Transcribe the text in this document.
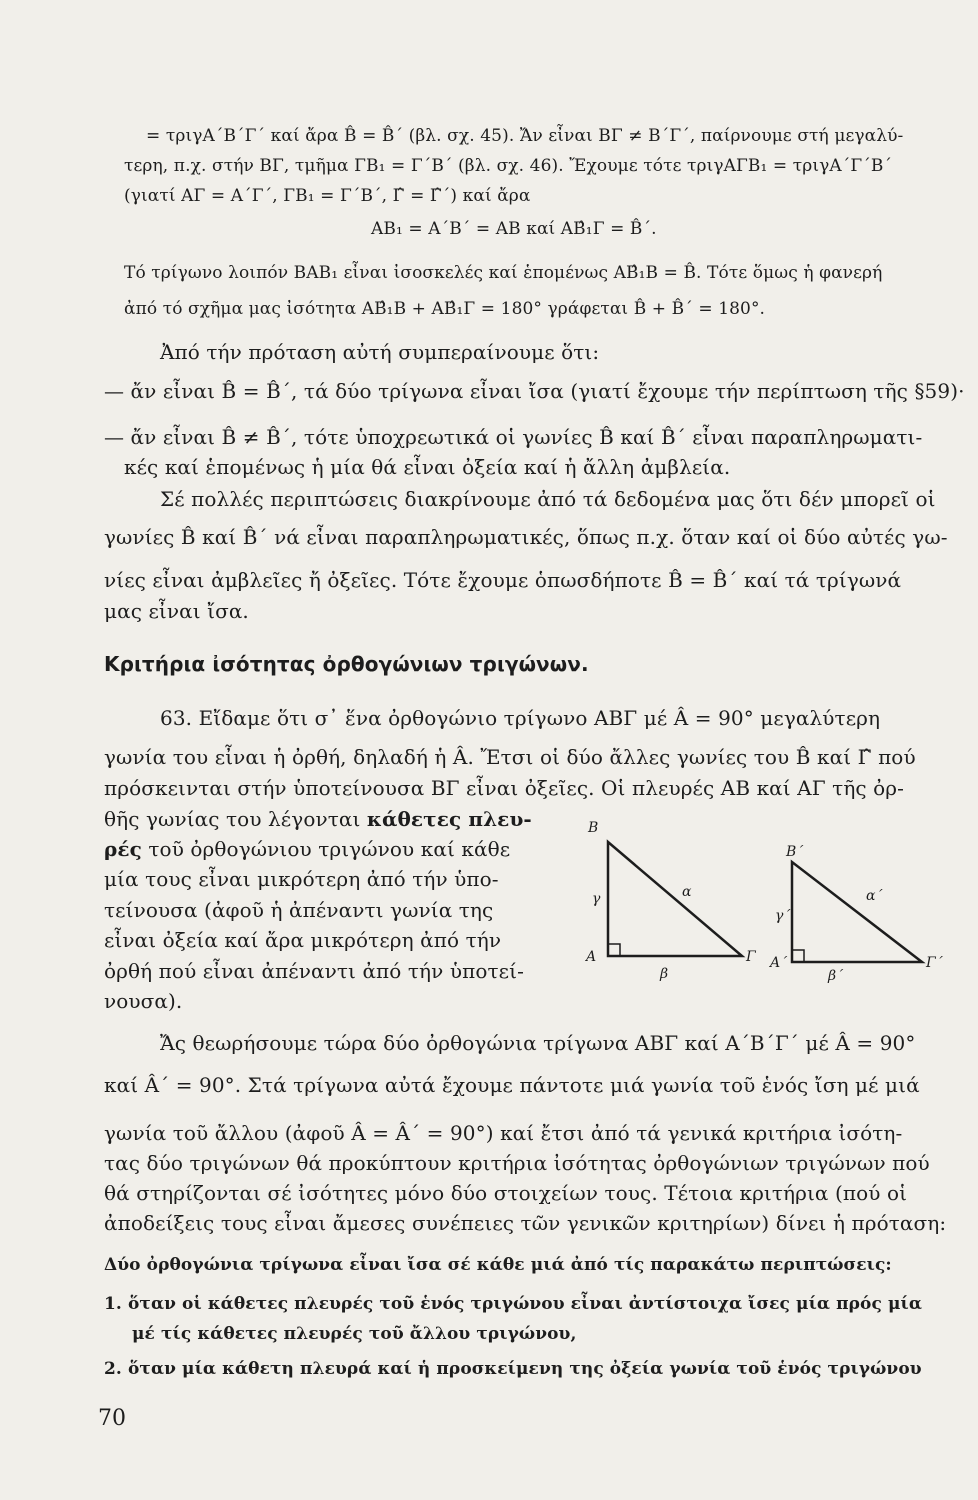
= τριγΑ΄Β΄Γ΄ καί ἄρα B̂ = B̂΄ (βλ. σχ. 45). Ἄν εἶναι ΒΓ ≠ Β΄Γ΄, παίρνουμε στή μεγαλύ-
τερη, π.χ. στήν ΒΓ, τμῆμα ΓΒ₁ = Γ΄Β΄ (βλ. σχ. 46). Ἔχουμε τότε τριγΑΓΒ₁ = τριγΑ΄Γ΄Β΄
(γιατί ΑΓ = Α΄Γ΄, ΓΒ₁ = Γ΄Β΄, Γ̂ = Γ̂΄) καί ἄρα
ΑΒ₁ = Α΄Β΄ = ΑΒ καί ΑΒ̂₁Γ = B̂΄.
Τό τρίγωνο λοιπόν ΒΑΒ₁ εἶναι ἰσοσκελές καί ἑπομένως ΑΒ̂₁Β = B̂. Τότε ὅμως ἡ φανερή
ἀπό τό σχῆμα μας ἰσότητα ΑΒ̂₁Β + ΑΒ̂₁Γ = 180° γράφεται B̂ + B̂΄ = 180°.
Ἀπό τήν πρόταση αὐτή συμπεραίνουμε ὅτι:
— ἄν εἶναι B̂ = B̂΄, τά δύο τρίγωνα εἶναι ἴσα (γιατί ἔχουμε τήν περίπτωση τῆς §59)·
— ἄν εἶναι B̂ ≠ B̂΄, τότε ὑποχρεωτικά οἱ γωνίες B̂ καί B̂΄ εἶναι παραπληρωματι-
κές καί ἑπομένως ἡ μία θά εἶναι ὀξεία καί ἡ ἄλλη ἀμβλεία.
Σέ πολλές περιπτώσεις διακρίνουμε ἀπό τά δεδομένα μας ὅτι δέν μπορεῖ οἱ
γωνίες B̂ καί B̂΄ νά εἶναι παραπληρωματικές, ὅπως π.χ. ὅταν καί οἱ δύο αὐτές γω-
νίες εἶναι ἀμβλεῖες ἤ ὀξεῖες. Τότε ἔχουμε ὁπωσδήποτε B̂ = B̂΄ καί τά τρίγωνά
μας εἶναι ἴσα.
Κριτήρια ἰσότητας ὀρθογώνιων τριγώνων.
63. Εἴδαμε ὅτι σ᾽ ἕνα ὀρθογώνιο τρίγωνο ΑΒΓ μέ Â = 90° μεγαλύτερη
γωνία του εἶναι ἡ ὀρθή, δηλαδή ἡ Â. Ἔτσι οἱ δύο ἄλλες γωνίες του B̂ καί Γ̂ πού
πρόσκεινται στήν ὑποτείνουσα ΒΓ εἶναι ὀξεῖες. Οἱ πλευρές ΑΒ καί ΑΓ τῆς ὀρ-
θῆς γωνίας του λέγονται κάθετες πλευ-
ρές τοῦ ὀρθογώνιου τριγώνου καί κάθε
μία τους εἶναι μικρότερη ἀπό τήν ὑπο-
τείνουσα (ἀφοῦ ἡ ἀπέναντι γωνία της
εἶναι ὀξεία καί ἄρα μικρότερη ἀπό τήν
ὀρθή πού εἶναι ἀπέναντι ἀπό τήν ὑποτεί-
νουσα).
B
A	Γ
α
β
γ
B΄
A΄	Γ΄
α΄
β΄
γ΄
Ἄς θεωρήσουμε τώρα δύο ὀρθογώνια τρίγωνα ΑΒΓ καί Α΄Β΄Γ΄ μέ Â = 90°
καί Â΄ = 90°. Στά τρίγωνα αὐτά ἔχουμε πάντοτε μιά γωνία τοῦ ἑνός ἴση μέ μιά
γωνία τοῦ ἄλλου (ἀφοῦ Â = Â΄ = 90°) καί ἔτσι ἀπό τά γενικά κριτήρια ἰσότη-
τας δύο τριγώνων θά προκύπτουν κριτήρια ἰσότητας ὀρθογώνιων τριγώνων πού
θά στηρίζονται σέ ἰσότητες μόνο δύο στοιχείων τους. Τέτοια κριτήρια (πού οἱ
ἀποδείξεις τους εἶναι ἄμεσες συνέπειες τῶν γενικῶν κριτηρίων) δίνει ἡ πρόταση:
Δύο ὀρθογώνια τρίγωνα εἶναι ἴσα σέ κάθε μιά ἀπό τίς παρακάτω περιπτώσεις:
1. ὅταν οἱ κάθετες πλευρές τοῦ ἑνός τριγώνου εἶναι ἀντίστοιχα ἴσες μία πρός μία
μέ τίς κάθετες πλευρές τοῦ ἄλλου τριγώνου,
2. ὅταν μία κάθετη πλευρά καί ἡ προσκείμενη της ὀξεία γωνία τοῦ ἑνός τριγώνου
70
